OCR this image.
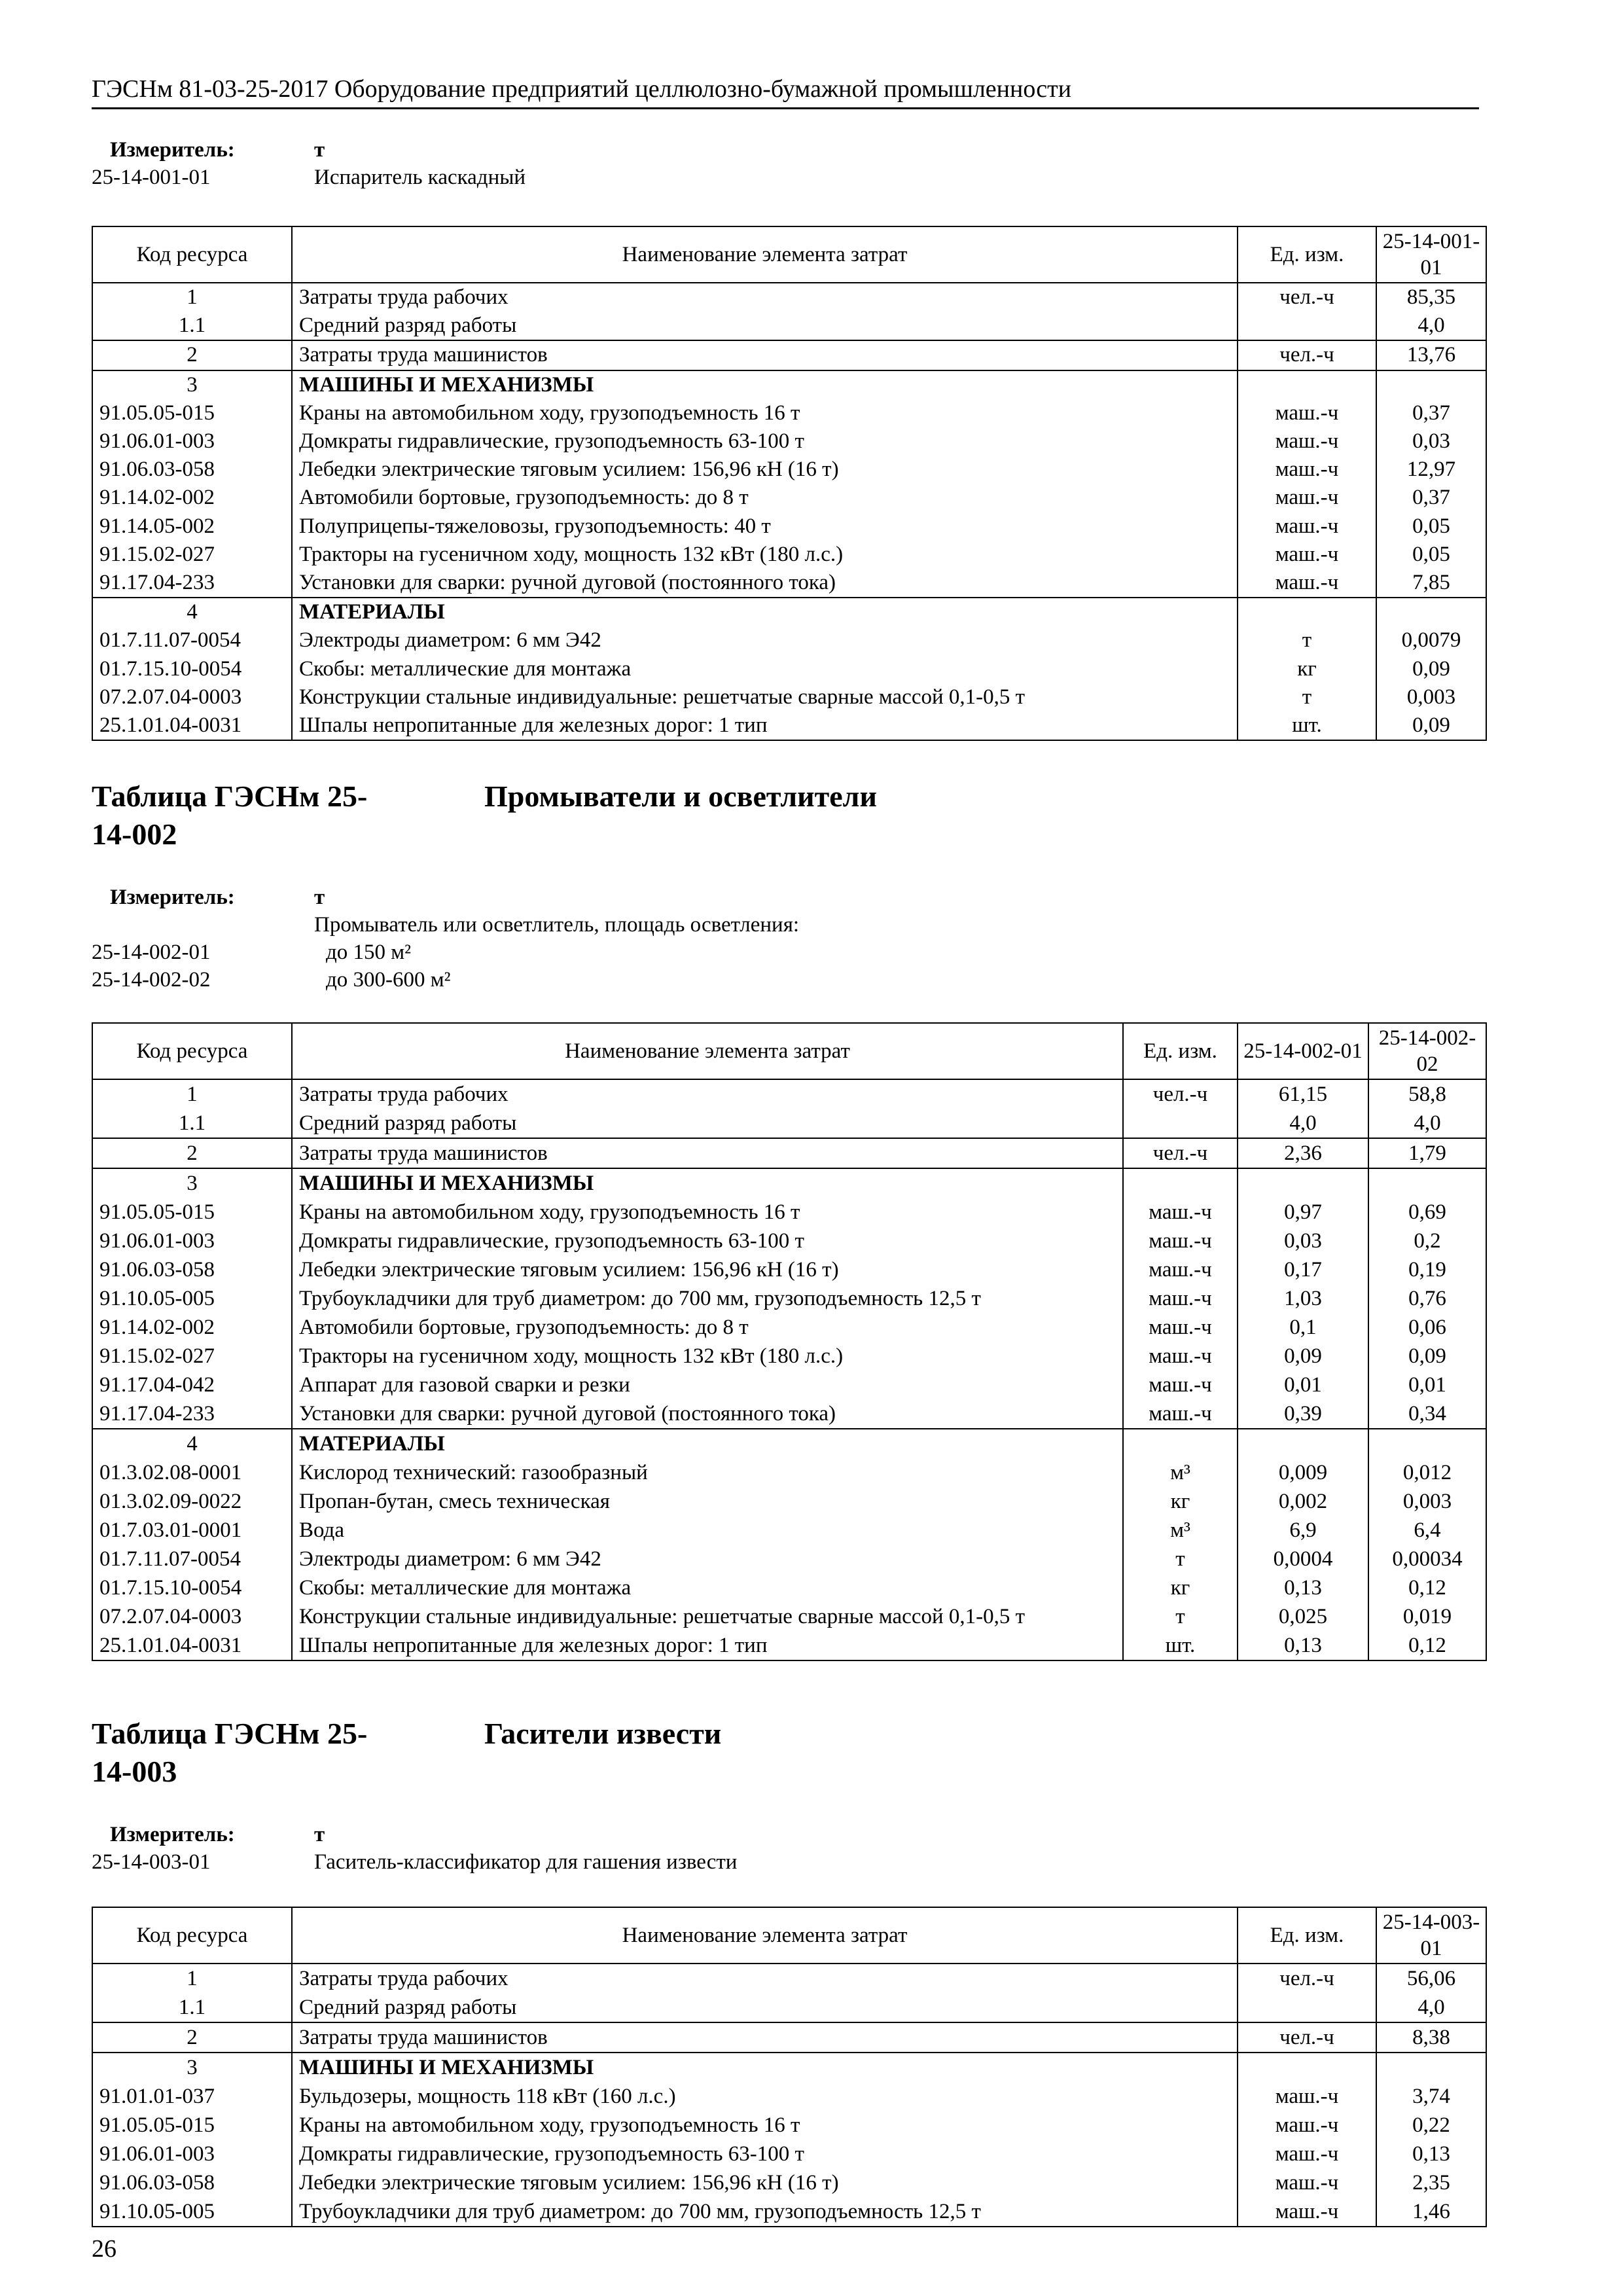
ГЭСНм 81-03-25-2017 Оборудование предприятий целлюлозно-бумажной промышленности
Измеритель:	т
25-14-001-01	Испаритель каскадный
Код ресурса	Наименование элемента затрат	Ед. изм.	25-14-001-01
1	Затраты труда рабочих	чел.-ч	85,35
1.1	Средний разряд работы		4,0
2	Затраты труда машинистов	чел.-ч	13,76
3	МАШИНЫ И МЕХАНИЗМЫ		
91.05.05-015	Краны на автомобильном ходу, грузоподъемность 16 т	маш.-ч	0,37
91.06.01-003	Домкраты гидравлические, грузоподъемность 63-100 т	маш.-ч	0,03
91.06.03-058	Лебедки электрические тяговым усилием: 156,96 кН (16 т)	маш.-ч	12,97
91.14.02-002	Автомобили бортовые, грузоподъемность: до 8 т	маш.-ч	0,37
91.14.05-002	Полуприцепы-тяжеловозы, грузоподъемность: 40 т	маш.-ч	0,05
91.15.02-027	Тракторы на гусеничном ходу, мощность 132 кВт (180 л.с.)	маш.-ч	0,05
91.17.04-233	Установки для сварки: ручной дуговой (постоянного тока)	маш.-ч	7,85
4	МАТЕРИАЛЫ		
01.7.11.07-0054	Электроды диаметром: 6 мм Э42	т	0,0079
01.7.15.10-0054	Скобы: металлические для монтажа	кг	0,09
07.2.07.04-0003	Конструкции стальные индивидуальные: решетчатые сварные массой 0,1-0,5 т	т	0,003
25.1.01.04-0031	Шпалы непропитанные для железных дорог: 1 тип	шт.	0,09
Таблица ГЭСНм 25-14-002
Промыватели и осветлители
Измеритель:	т
Промыватель или осветлитель, площадь осветления:
25-14-002-01	до 150 м²
25-14-002-02	до 300-600 м²
Код ресурса	Наименование элемента затрат	Ед. изм.	25-14-002-01	25-14-002-02
1	Затраты труда рабочих	чел.-ч	61,15	58,8
1.1	Средний разряд работы		4,0	4,0
2	Затраты труда машинистов	чел.-ч	2,36	1,79
3	МАШИНЫ И МЕХАНИЗМЫ			
91.05.05-015	Краны на автомобильном ходу, грузоподъемность 16 т	маш.-ч	0,97	0,69
91.06.01-003	Домкраты гидравлические, грузоподъемность 63-100 т	маш.-ч	0,03	0,2
91.06.03-058	Лебедки электрические тяговым усилием: 156,96 кН (16 т)	маш.-ч	0,17	0,19
91.10.05-005	Трубоукладчики для труб диаметром: до 700 мм, грузоподъемность 12,5 т	маш.-ч	1,03	0,76
91.14.02-002	Автомобили бортовые, грузоподъемность: до 8 т	маш.-ч	0,1	0,06
91.15.02-027	Тракторы на гусеничном ходу, мощность 132 кВт (180 л.с.)	маш.-ч	0,09	0,09
91.17.04-042	Аппарат для газовой сварки и резки	маш.-ч	0,01	0,01
91.17.04-233	Установки для сварки: ручной дуговой (постоянного тока)	маш.-ч	0,39	0,34
4	МАТЕРИАЛЫ			
01.3.02.08-0001	Кислород технический: газообразный	м³	0,009	0,012
01.3.02.09-0022	Пропан-бутан, смесь техническая	кг	0,002	0,003
01.7.03.01-0001	Вода	м³	6,9	6,4
01.7.11.07-0054	Электроды диаметром: 6 мм Э42	т	0,0004	0,00034
01.7.15.10-0054	Скобы: металлические для монтажа	кг	0,13	0,12
07.2.07.04-0003	Конструкции стальные индивидуальные: решетчатые сварные массой 0,1-0,5 т	т	0,025	0,019
25.1.01.04-0031	Шпалы непропитанные для железных дорог: 1 тип	шт.	0,13	0,12
Таблица ГЭСНм 25-14-003
Гасители извести
Измеритель:	т
25-14-003-01	Гаситель-классификатор для гашения извести
Код ресурса	Наименование элемента затрат	Ед. изм.	25-14-003-01
1	Затраты труда рабочих	чел.-ч	56,06
1.1	Средний разряд работы		4,0
2	Затраты труда машинистов	чел.-ч	8,38
3	МАШИНЫ И МЕХАНИЗМЫ		
91.01.01-037	Бульдозеры, мощность 118 кВт (160 л.с.)	маш.-ч	3,74
91.05.05-015	Краны на автомобильном ходу, грузоподъемность 16 т	маш.-ч	0,22
91.06.01-003	Домкраты гидравлические, грузоподъемность 63-100 т	маш.-ч	0,13
91.06.03-058	Лебедки электрические тяговым усилием: 156,96 кН (16 т)	маш.-ч	2,35
91.10.05-005	Трубоукладчики для труб диаметром: до 700 мм, грузоподъемность 12,5 т	маш.-ч	1,46
26
